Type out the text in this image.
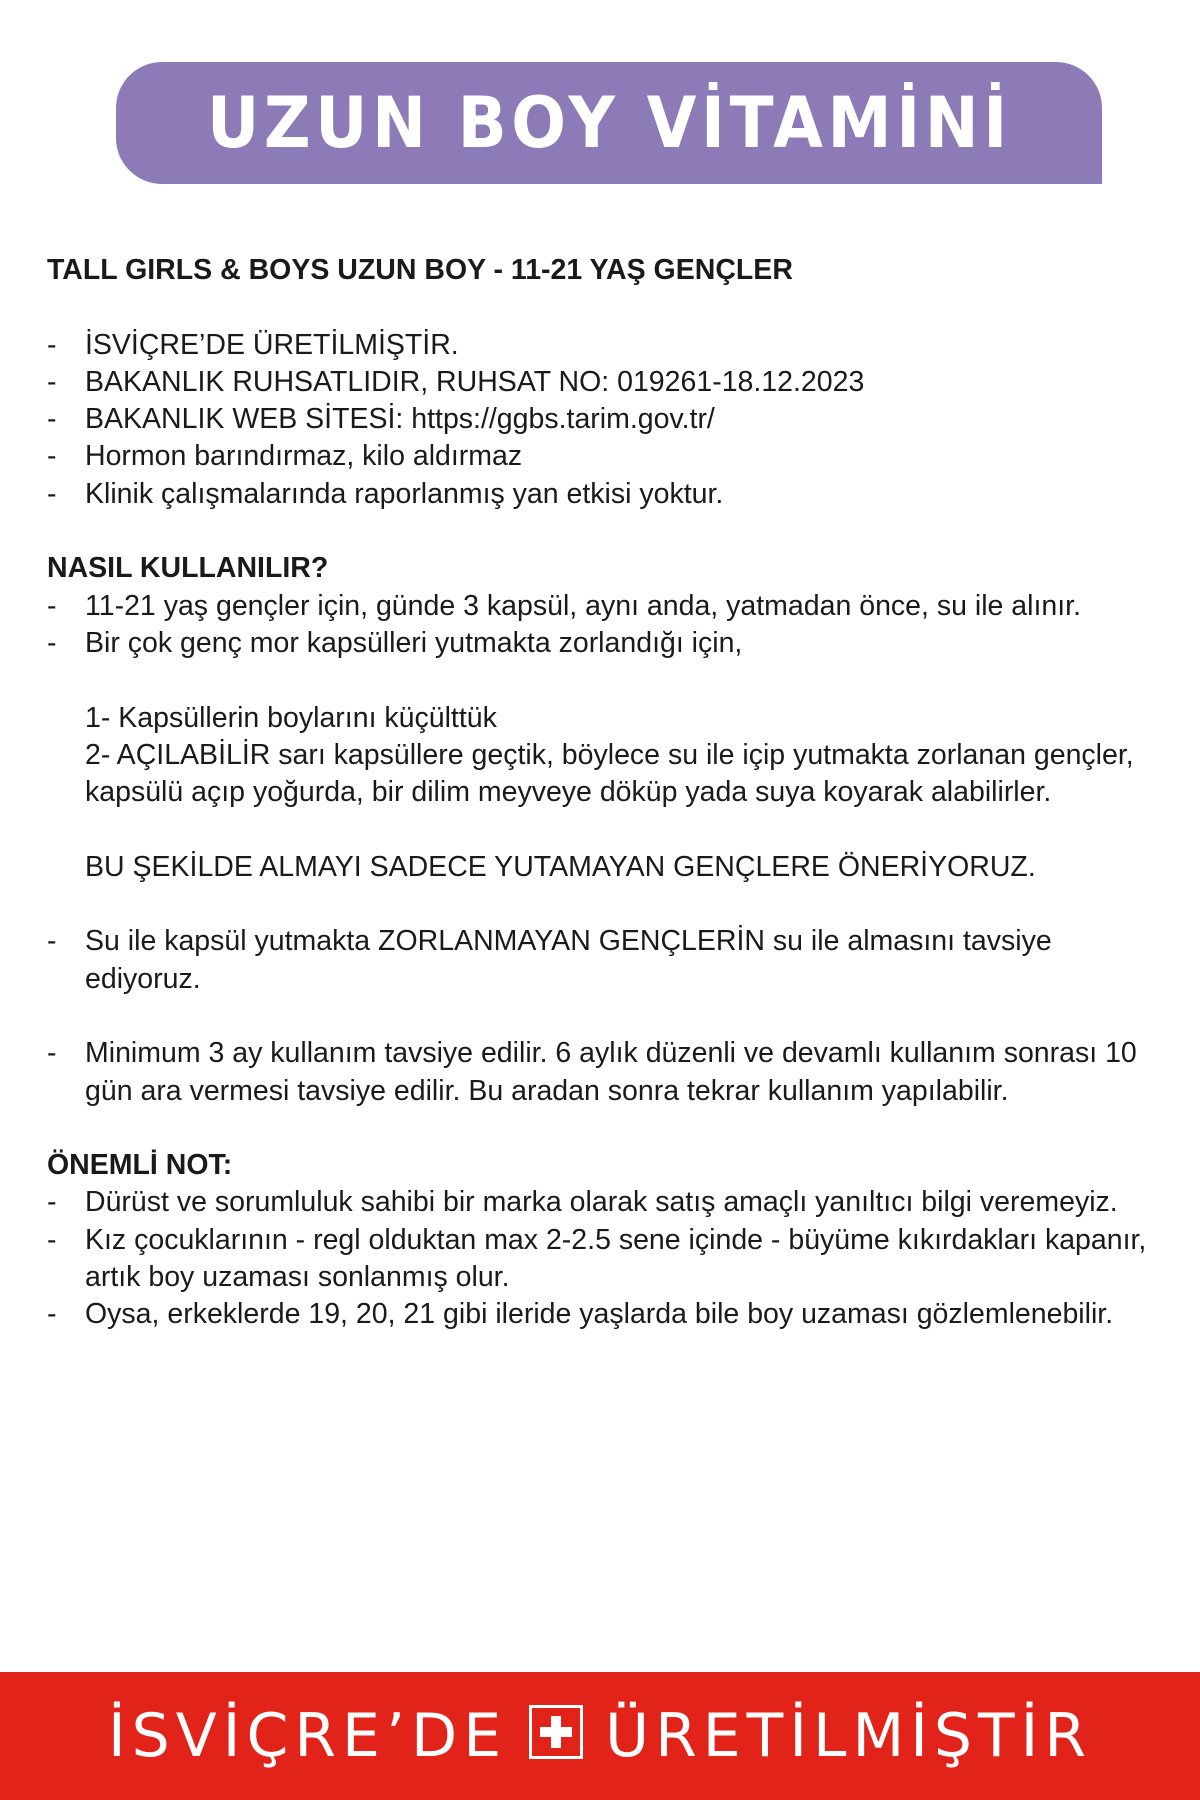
UZUN BOY VİTAMİNİ
TALL GIRLS & BOYS UZUN BOY - 11-21 YAŞ GENÇLER
-	İSVİÇRE’DE ÜRETİLMİŞTİR.
-	BAKANLIK RUHSATLIDIR, RUHSAT NO: 019261-18.12.2023
-	BAKANLIK WEB SİTESİ: https://ggbs.tarim.gov.tr/
-	Hormon barındırmaz, kilo aldırmaz
-	Klinik çalışmalarında raporlanmış yan etkisi yoktur.
NASIL KULLANILIR?
-	11-21 yaş gençler için, günde 3 kapsül, aynı anda, yatmadan önce, su ile alınır.
-	Bir çok genç mor kapsülleri yutmakta zorlandığı için,
1- Kapsüllerin boylarını küçülttük
2- AÇILABİLİR sarı kapsüllere geçtik, böylece su ile içip yutmakta zorlanan gençler, kapsülü açıp yoğurda, bir dilim meyveye döküp yada suya koyarak alabilirler.
BU ŞEKİLDE ALMAYI SADECE YUTAMAYAN GENÇLERE ÖNERİYORUZ.
-	Su ile kapsül yutmakta ZORLANMAYAN GENÇLERİN su ile almasını tavsiye ediyoruz.
-	Minimum 3 ay kullanım tavsiye edilir. 6 aylık düzenli ve devamlı kullanım sonrası 10 gün ara vermesi tavsiye edilir. Bu aradan sonra tekrar kullanım yapılabilir.
ÖNEMLİ NOT:
-	Dürüst ve sorumluluk sahibi bir marka olarak satış amaçlı yanıltıcı bilgi veremeyiz.
-	Kız çocuklarının - regl olduktan max 2-2.5 sene içinde - büyüme kıkırdakları kapanır, artık boy uzaması sonlanmış olur.
-	Oysa, erkeklerde 19, 20, 21 gibi ileride yaşlarda bile boy uzaması gözlemlenebilir.
İSVİÇRE’DE ÜRETİLMİŞTİR
